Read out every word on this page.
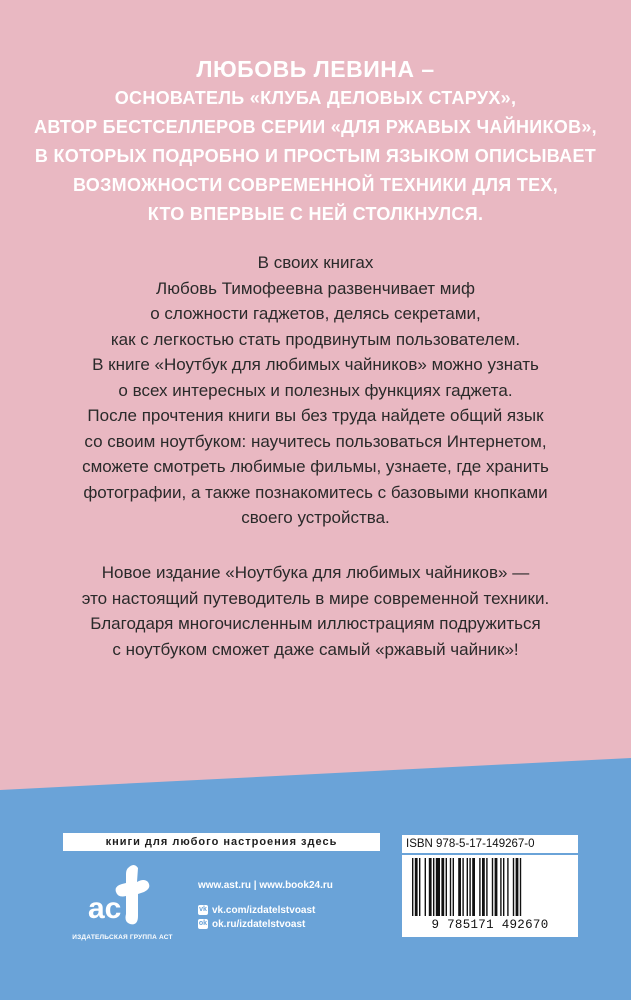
ЛЮБОВЬ ЛЕВИНА –
ОСНОВАТЕЛЬ «КЛУБА ДЕЛОВЫХ СТАРУХ»,
АВТОР БЕСТСЕЛЛЕРОВ СЕРИИ «ДЛЯ РЖАВЫХ ЧАЙНИКОВ»,
В КОТОРЫХ ПОДРОБНО И ПРОСТЫМ ЯЗЫКОМ ОПИСЫВАЕТ
ВОЗМОЖНОСТИ СОВРЕМЕННОЙ ТЕХНИКИ ДЛЯ ТЕХ,
КТО ВПЕРВЫЕ С НЕЙ СТОЛКНУЛСЯ.
В своих книгах
Любовь Тимофеевна развенчивает миф
о сложности гаджетов, делясь секретами,
как с легкостью стать продвинутым пользователем.
В книге «Ноутбук для любимых чайников» можно узнать
о всех интересных и полезных функциях гаджета.
После прочтения книги вы без труда найдете общий язык
со своим ноутбуком: научитесь пользоваться Интернетом,
сможете смотреть любимые фильмы, узнаете, где хранить
фотографии, а также познакомитесь с базовыми кнопками
своего устройства.
Новое издание «Ноутбука для любимых чайников» —
это настоящий путеводитель в мире современной техники.
Благодаря многочисленным иллюстрациям подружиться
с ноутбуком сможет даже самый «ржавый чайник»!
книги для любого настроения здесь
ас
ИЗДАТЕЛЬСКАЯ ГРУППА АСТ
www.ast.ru | www.book24.ru
vk vk.com/izdatelstvoast
ok ok.ru/izdatelstvoast
ISBN 978-5-17-149267-0
9 785171 492670
